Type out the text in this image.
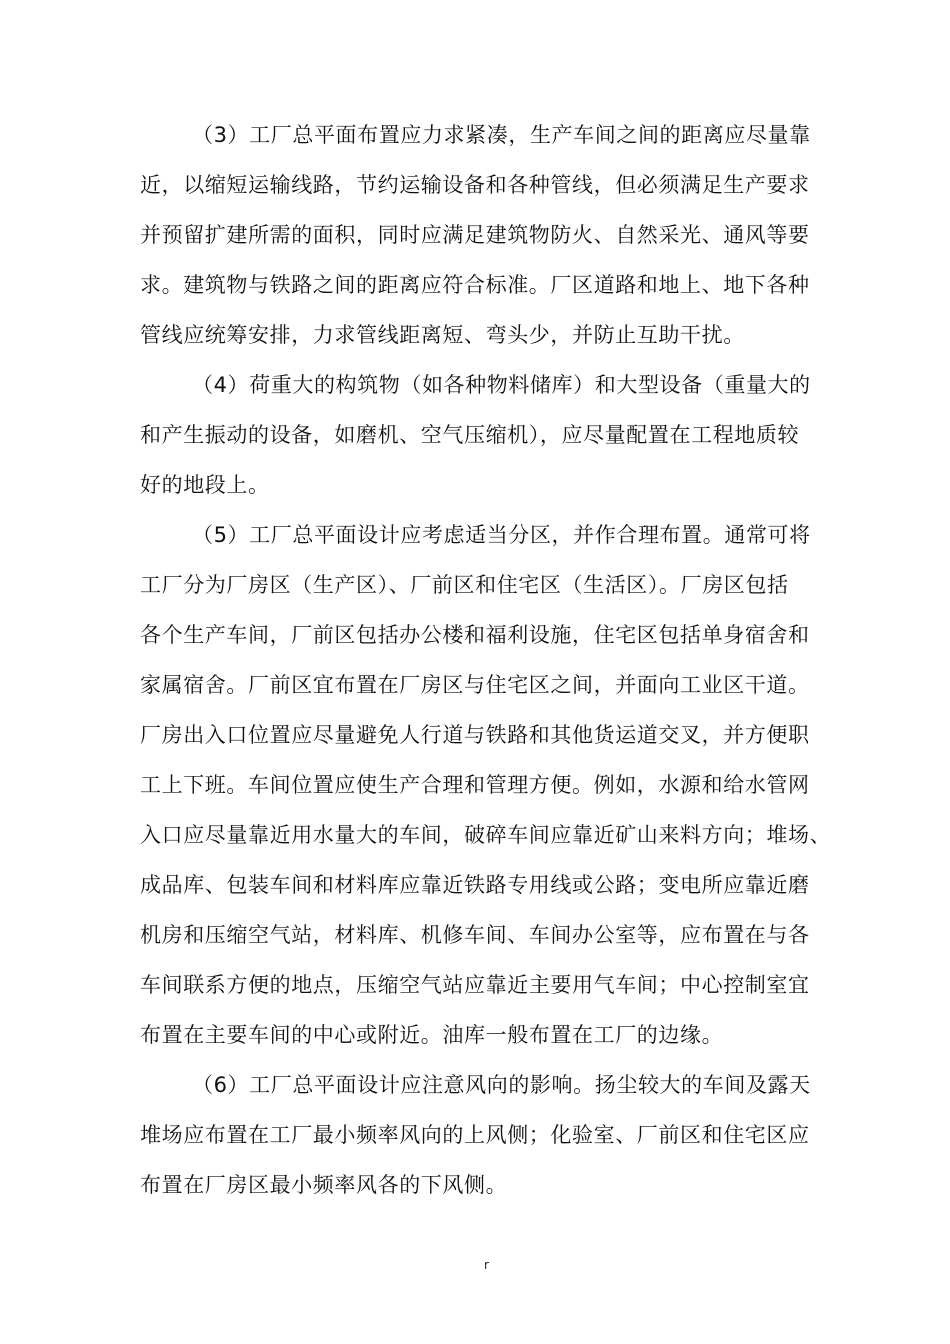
（3）工厂总平面布置应力求紧凑，生产车间之间的距离应尽量靠
近，以缩短运输线路，节约运输设备和各种管线，但必须满足生产要求
并预留扩建所需的面积，同时应满足建筑物防火、自然采光、通风等要
求。建筑物与铁路之间的距离应符合标准。厂区道路和地上、地下各种
管线应统筹安排，力求管线距离短、弯头少，并防止互助干扰。
（4）荷重大的构筑物（如各种物料储库）和大型设备（重量大的
和产生振动的设备，如磨机、空气压缩机），应尽量配置在工程地质较
好的地段上。
（5）工厂总平面设计应考虑适当分区，并作合理布置。通常可将
工厂分为厂房区（生产区）、厂前区和住宅区（生活区）。厂房区包括
各个生产车间，厂前区包括办公楼和福利设施，住宅区包括单身宿舍和
家属宿舍。厂前区宜布置在厂房区与住宅区之间，并面向工业区干道。
厂房出入口位置应尽量避免人行道与铁路和其他货运道交叉，并方便职
工上下班。车间位置应使生产合理和管理方便。例如，水源和给水管网
入口应尽量靠近用水量大的车间，破碎车间应靠近矿山来料方向；堆场、
成品库、包装车间和材料库应靠近铁路专用线或公路；变电所应靠近磨
机房和压缩空气站，材料库、机修车间、车间办公室等，应布置在与各
车间联系方便的地点，压缩空气站应靠近主要用气车间；中心控制室宜
布置在主要车间的中心或附近。油库一般布置在工厂的边缘。
（6）工厂总平面设计应注意风向的影响。扬尘较大的车间及露天
堆场应布置在工厂最小频率风向的上风侧；化验室、厂前区和住宅区应
布置在厂房区最小频率风各的下风侧。
r
